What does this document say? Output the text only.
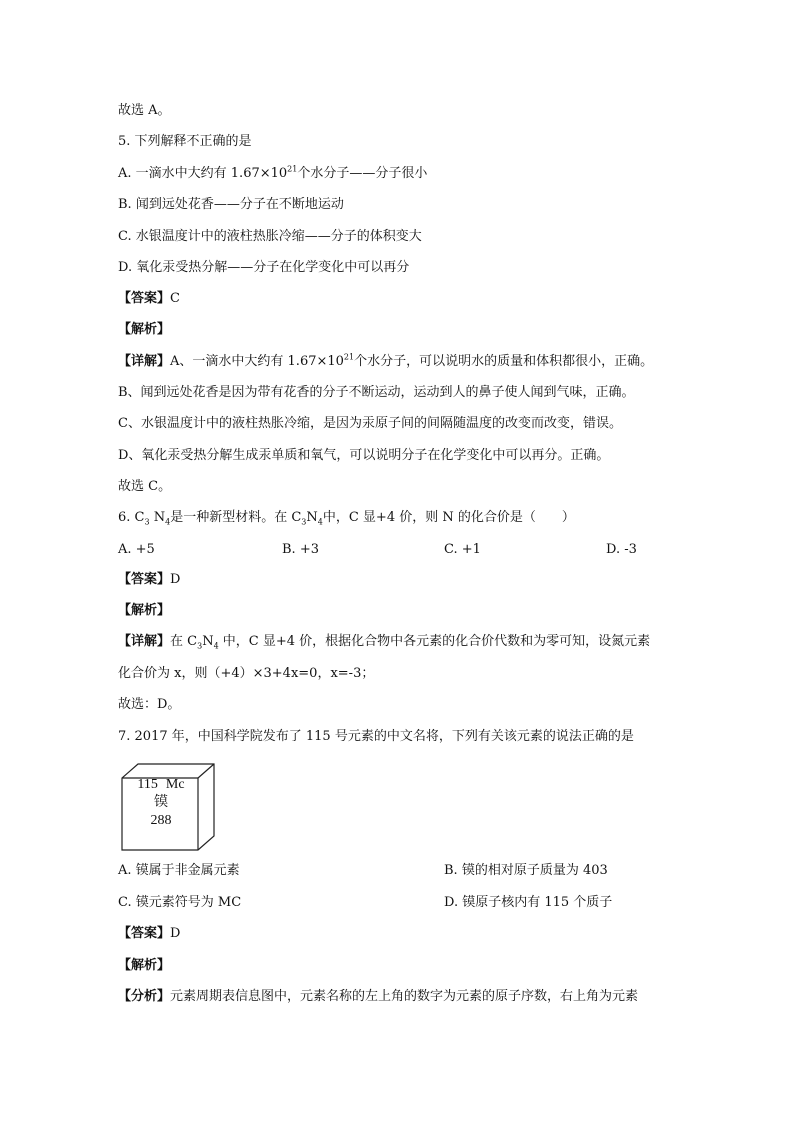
故选 A。
5. 下列解释不正确的是
A. 一滴水中大约有 $1.67\times 10^{21}$个水分子——分子很小
B. 闻到远处花香——分子在不断地运动
C. 水银温度计中的液柱热胀冷缩——分子的体积变大
D. 氧化汞受热分解——分子在化学变化中可以再分
【答案】C
【解析】
【详解】A、一滴水中大约有 $1.67\times 10^{21}$个水分子，可以说明水的质量和体积都很小，正确。
B、闻到远处花香是因为带有花香的分子不断运动，运动到人的鼻子使人闻到气味，正确。
C、水银温度计中的液柱热胀冷缩，是因为汞原子间的间隔随温度的改变而改变，错误。
D、氧化汞受热分解生成汞单质和氧气，可以说明分子在化学变化中可以再分。正确。
故选 C。
6. $C_3$ $N_4$是一种新型材料。在 $C_3N_4$中，C 显+4 价，则 N 的化合价是（　　）
A. +5	B. +3	C. +1	D. -3
【答案】D
【解析】
【详解】在 $C_3N_4$ 中，C 显+4 价，根据化合物中各元素的化合价代数和为零可知，设氮元素
化合价为 x，则（+4）×3+4x=0，x=-3；
故选：D。
7. 2017 年，中国科学院发布了 115 号元素的中文名将，下列有关该元素的说法正确的是
115 Mc
镆
288
A. 镆属于非金属元素	B. 镆的相对原子质量为 403
C. 镆元素符号为 MC	D. 镆原子核内有 115 个质子
【答案】D
【解析】
【分析】元素周期表信息图中，元素名称的左上角的数字为元素的原子序数，右上角为元素
